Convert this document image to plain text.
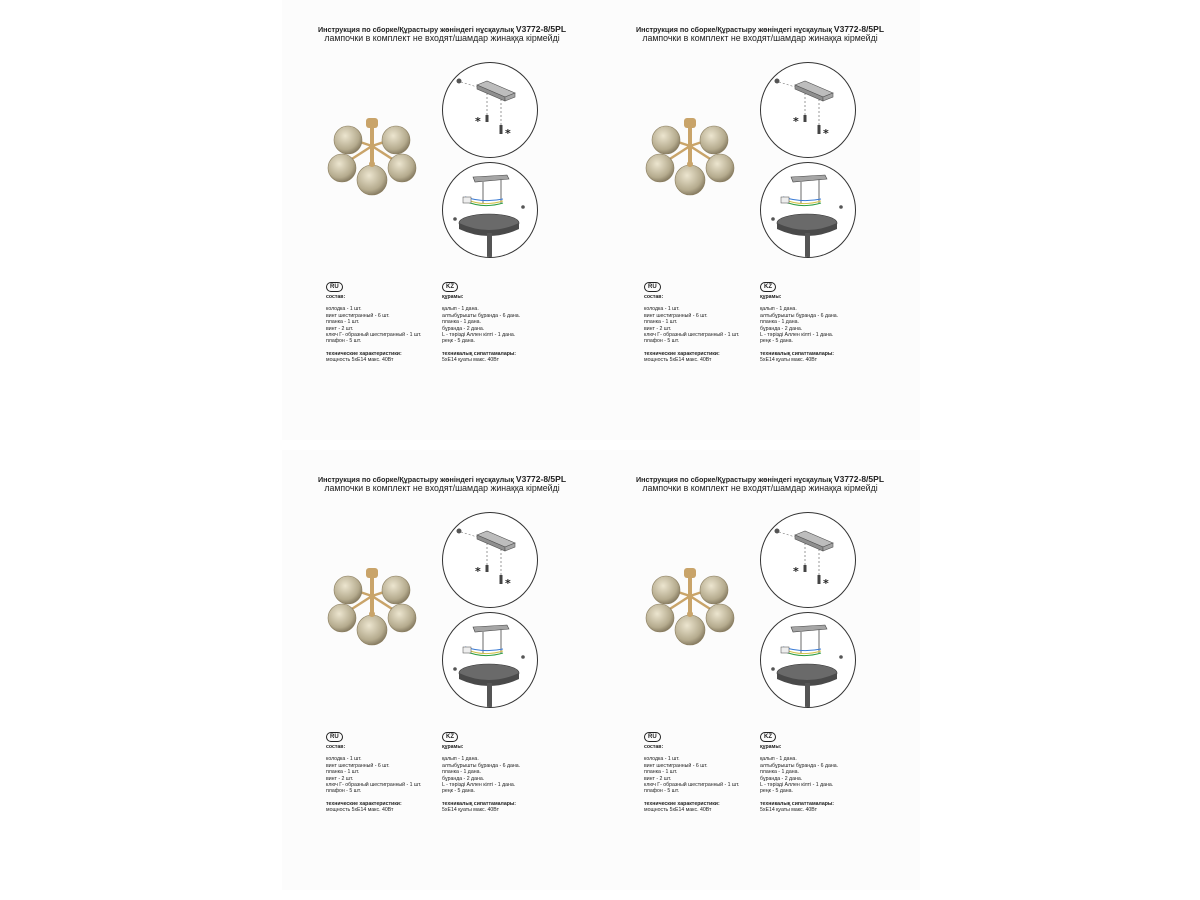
Инструкция по сборке/Құрастыру жөніндегі нұсқаулық V3772-8/5PL
лампочки в комплект не входят/шамдар жинаққа кірмейді
*
*
RU
состав:
колодка - 1 шт.
винт шестигранный - 6 шт.
планка - 1 шт.
винт - 2 шт.
ключ Г- образный шестигранный - 1 шт.
плафон - 5 шт.
технические характеристики:
мощность 5хЕ14 макс. 40Вт
KZ
құрамы:
қалып - 1 дана.
алтыбұрышты бұранда - 6 дана.
планка - 1 дана.
бұранда - 2 дана.
L - тәрізді Аллен кілті - 1 дана.
реңк - 5 дана.
техникалық сипаттамалары:
5хЕ14 қуаты макс. 40Вт
Инструкция по сборке/Құрастыру жөніндегі нұсқаулық V3772-8/5PL
лампочки в комплект не входят/шамдар жинаққа кірмейді
*
*
RU
состав:
колодка - 1 шт.
винт шестигранный - 6 шт.
планка - 1 шт.
винт - 2 шт.
ключ Г- образный шестигранный - 1 шт.
плафон - 5 шт.
технические характеристики:
мощность 5хЕ14 макс. 40Вт
KZ
құрамы:
қалып - 1 дана.
алтыбұрышты бұранда - 6 дана.
планка - 1 дана.
бұранда - 2 дана.
L - тәрізді Аллен кілті - 1 дана.
реңк - 5 дана.
техникалық сипаттамалары:
5хЕ14 қуаты макс. 40Вт
Инструкция по сборке/Құрастыру жөніндегі нұсқаулық V3772-8/5PL
лампочки в комплект не входят/шамдар жинаққа кірмейді
*
*
RU
состав:
колодка - 1 шт.
винт шестигранный - 6 шт.
планка - 1 шт.
винт - 2 шт.
ключ Г- образный шестигранный - 1 шт.
плафон - 5 шт.
технические характеристики:
мощность 5хЕ14 макс. 40Вт
KZ
құрамы:
қалып - 1 дана.
алтыбұрышты бұранда - 6 дана.
планка - 1 дана.
бұранда - 2 дана.
L - тәрізді Аллен кілті - 1 дана.
реңк - 5 дана.
техникалық сипаттамалары:
5хЕ14 қуаты макс. 40Вт
Инструкция по сборке/Құрастыру жөніндегі нұсқаулық V3772-8/5PL
лампочки в комплект не входят/шамдар жинаққа кірмейді
*
*
RU
состав:
колодка - 1 шт.
винт шестигранный - 6 шт.
планка - 1 шт.
винт - 2 шт.
ключ Г- образный шестигранный - 1 шт.
плафон - 5 шт.
технические характеристики:
мощность 5хЕ14 макс. 40Вт
KZ
құрамы:
қалып - 1 дана.
алтыбұрышты бұранда - 6 дана.
планка - 1 дана.
бұранда - 2 дана.
L - тәрізді Аллен кілті - 1 дана.
реңк - 5 дана.
техникалық сипаттамалары:
5хЕ14 қуаты макс. 40Вт
